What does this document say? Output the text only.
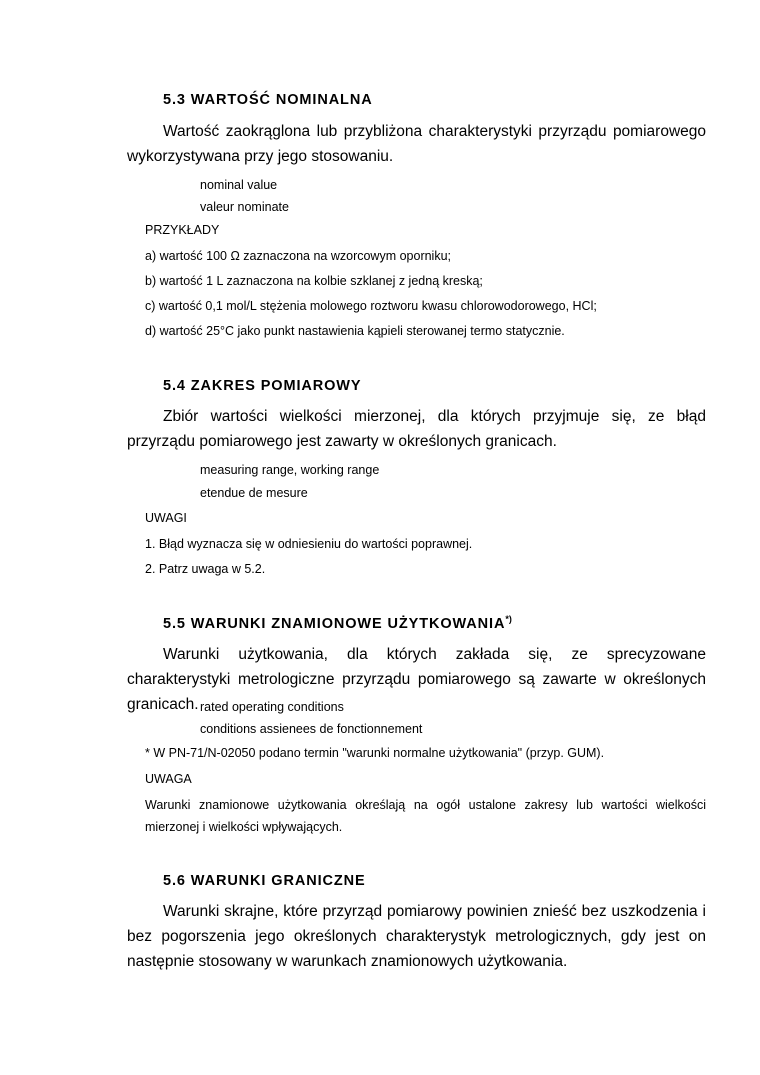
5.3 WARTOŚĆ NOMINALNA

Wartość zaokrąglona lub przybliżona charakterystyki przyrządu pomiarowego wykorzystywana przy jego stosowaniu.

nominal value
valeur nominate
PRZYKŁADY
a) wartość 100 Ω zaznaczona na wzorcowym oporniku;
b) wartość 1 L zaznaczona na kolbie szklanej z jedną kreską;
c) wartość 0,1 mol/L stężenia molowego roztworu kwasu chlorowodorowego, HCl;
d) wartość 25°C jako punkt nastawienia kąpieli sterowanej termo statycznie.
5.4 ZAKRES POMIAROWY

Zbiór wartości wielkości mierzonej, dla których przyjmuje się, ze błąd przyrządu pomiarowego jest zawarty w określonych granicach.

measuring range, working range
etendue de mesure
UWAGI
1. Błąd wyznacza się w odniesieniu do wartości poprawnej.
2. Patrz uwaga w 5.2.
5.5 WARUNKI ZNAMIONOWE UŻYTKOWANIA*)

Warunki użytkowania, dla których zakłada się, ze sprecyzowane charakterystyki metrologiczne przyrządu pomiarowego są zawarte w określonych granicach. rated operating conditions
conditions assienees de fonctionnement
* W PN-71/N-02050 podano termin "warunki normalne użytkowania" (przyp. GUM).
UWAGA

Warunki znamionowe użytkowania określają na ogół ustalone zakresy lub wartości wielkości mierzonej i wielkości wpływających.

5.6 WARUNKI GRANICZNE

Warunki skrajne, które przyrząd pomiarowy powinien znieść bez uszkodzenia i bez pogorszenia jego określonych charakterystyk metrologicznych, gdy jest on następnie stosowany w warunkach znamionowych użytkowania.
